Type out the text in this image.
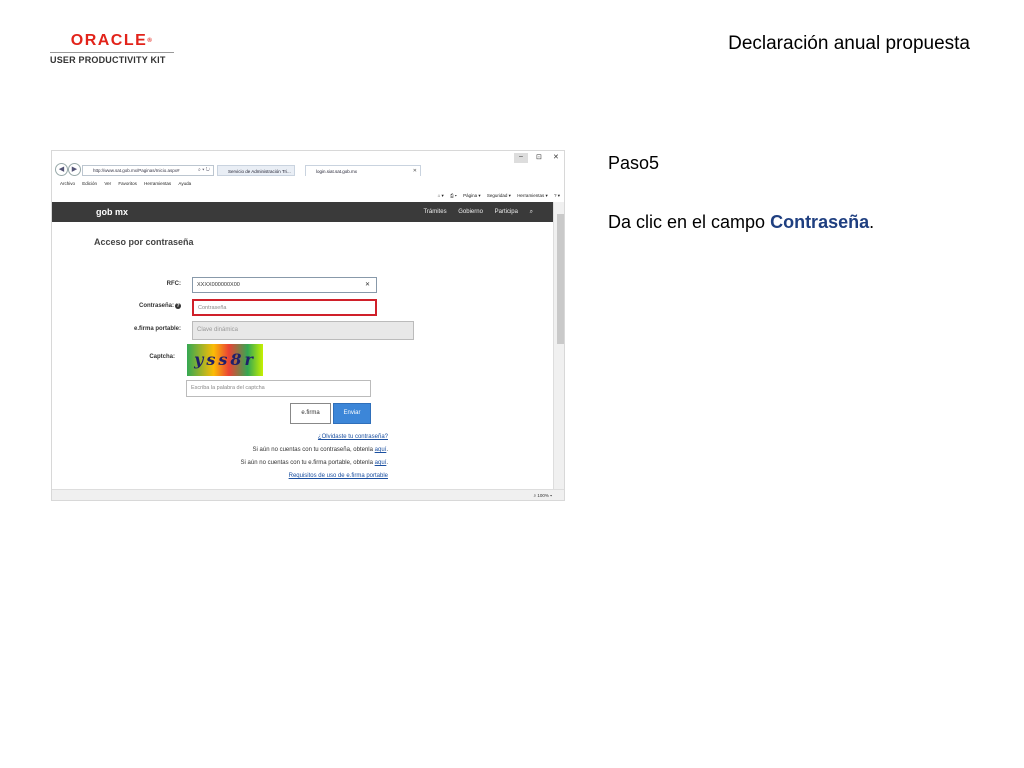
ORACLE®
USER PRODUCTIVITY KIT
Declaración anual propuesta
Paso5
Da clic en el campo Contraseña.
◀	▶	http://www.sat.gob.mx/Paginas/Inicio.aspx#	⌕ ▾ ↻	Servicio de Administración Tri...	login.siat.sat.gob.mx	✕
–	⊡ ✕
Archivo Edición Ver Favoritos Herramientas Ayuda
⌂ ▾ ⎙ ▾ Página ▾ Seguridad ▾ Herramientas ▾ ? ▾
gob mx	Trámites Gobierno Participa ⌕
Acceso por contraseña
RFC:	XXXX000000X00	✕
Contraseña: ?	Contraseña
e.firma portable:	Clave dinámica
Captcha:	yss8r
Escriba la palabra del captcha
e.firma	Enviar
¿Olvidaste tu contraseña?
Si aún no cuentas con tu contraseña, obtenla aquí.
Si aún no cuentas con tu e.firma portable, obtenla aquí.
Requisitos de uso de e.firma portable
⌕ 100% ▾
